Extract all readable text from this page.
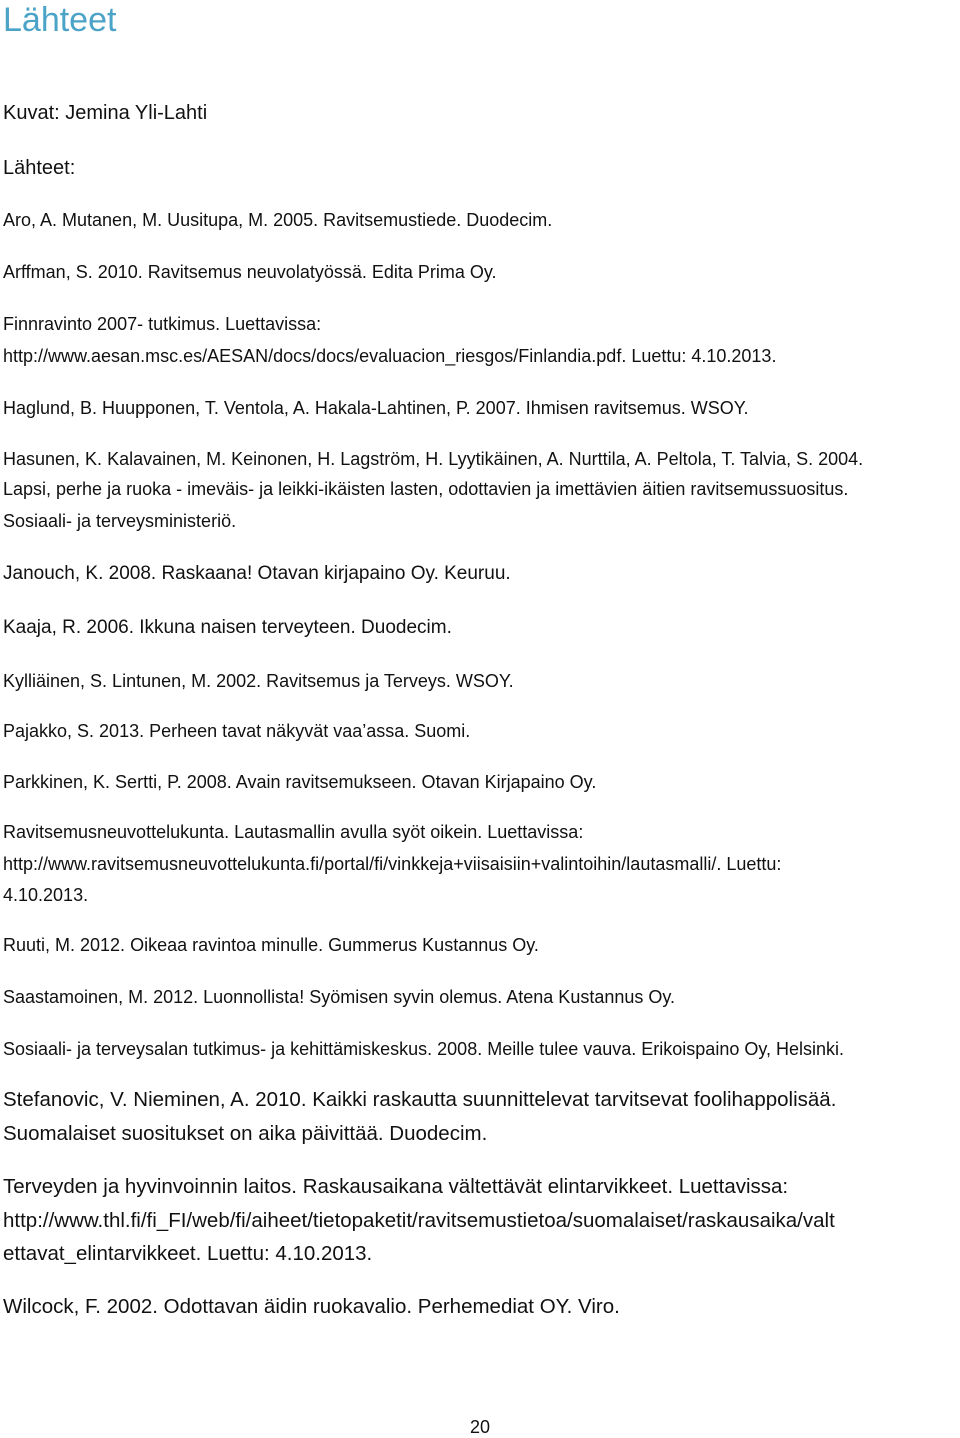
Lähteet

Kuvat: Jemina Yli-Lahti

Lähteet:

Aro, A. Mutanen, M. Uusitupa, M. 2005. Ravitsemustiede. Duodecim.

Arffman, S. 2010. Ravitsemus neuvolatyössä. Edita Prima Oy.

Finnravinto 2007- tutkimus. Luettavissa:

http://www.aesan.msc.es/AESAN/docs/docs/evaluacion_riesgos/Finlandia.pdf. Luettu: 4.10.2013.

Haglund, B. Huupponen, T. Ventola, A. Hakala-Lahtinen, P. 2007. Ihmisen ravitsemus. WSOY.

Hasunen, K. Kalavainen, M. Keinonen, H. Lagström, H. Lyytikäinen, A. Nurttila, A. Peltola, T. Talvia, S. 2004.

Lapsi, perhe ja ruoka - imeväis- ja leikki-ikäisten lasten, odottavien ja imettävien äitien ravitsemussuositus.

Sosiaali- ja terveysministeriö.

Janouch, K. 2008. Raskaana! Otavan kirjapaino Oy. Keuruu.

Kaaja, R. 2006. Ikkuna naisen terveyteen. Duodecim.

Kylliäinen, S. Lintunen, M. 2002. Ravitsemus ja Terveys. WSOY.

Pajakko, S. 2013. Perheen tavat näkyvät vaa’assa. Suomi.

Parkkinen, K. Sertti, P. 2008. Avain ravitsemukseen. Otavan Kirjapaino Oy.

Ravitsemusneuvottelukunta. Lautasmallin avulla syöt oikein. Luettavissa:

http://www.ravitsemusneuvottelukunta.fi/portal/fi/vinkkeja+viisaisiin+valintoihin/lautasmalli/. Luettu:

4.10.2013.

Ruuti, M. 2012. Oikeaa ravintoa minulle. Gummerus Kustannus Oy.

Saastamoinen, M. 2012. Luonnollista! Syömisen syvin olemus. Atena Kustannus Oy.

Sosiaali- ja terveysalan tutkimus- ja kehittämiskeskus. 2008. Meille tulee vauva. Erikoispaino Oy, Helsinki.

Stefanovic, V. Nieminen, A. 2010. Kaikki raskautta suunnittelevat tarvitsevat foolihappolisää.

Suomalaiset suositukset on aika päivittää. Duodecim.

Terveyden ja hyvinvoinnin laitos. Raskausaikana vältettävät elintarvikkeet. Luettavissa:

http://www.thl.fi/fi_FI/web/fi/aiheet/tietopaketit/ravitsemustietoa/suomalaiset/raskausaika/valt

ettavat_elintarvikkeet. Luettu: 4.10.2013.

Wilcock, F. 2002. Odottavan äidin ruokavalio. Perhemediat OY. Viro.

20
